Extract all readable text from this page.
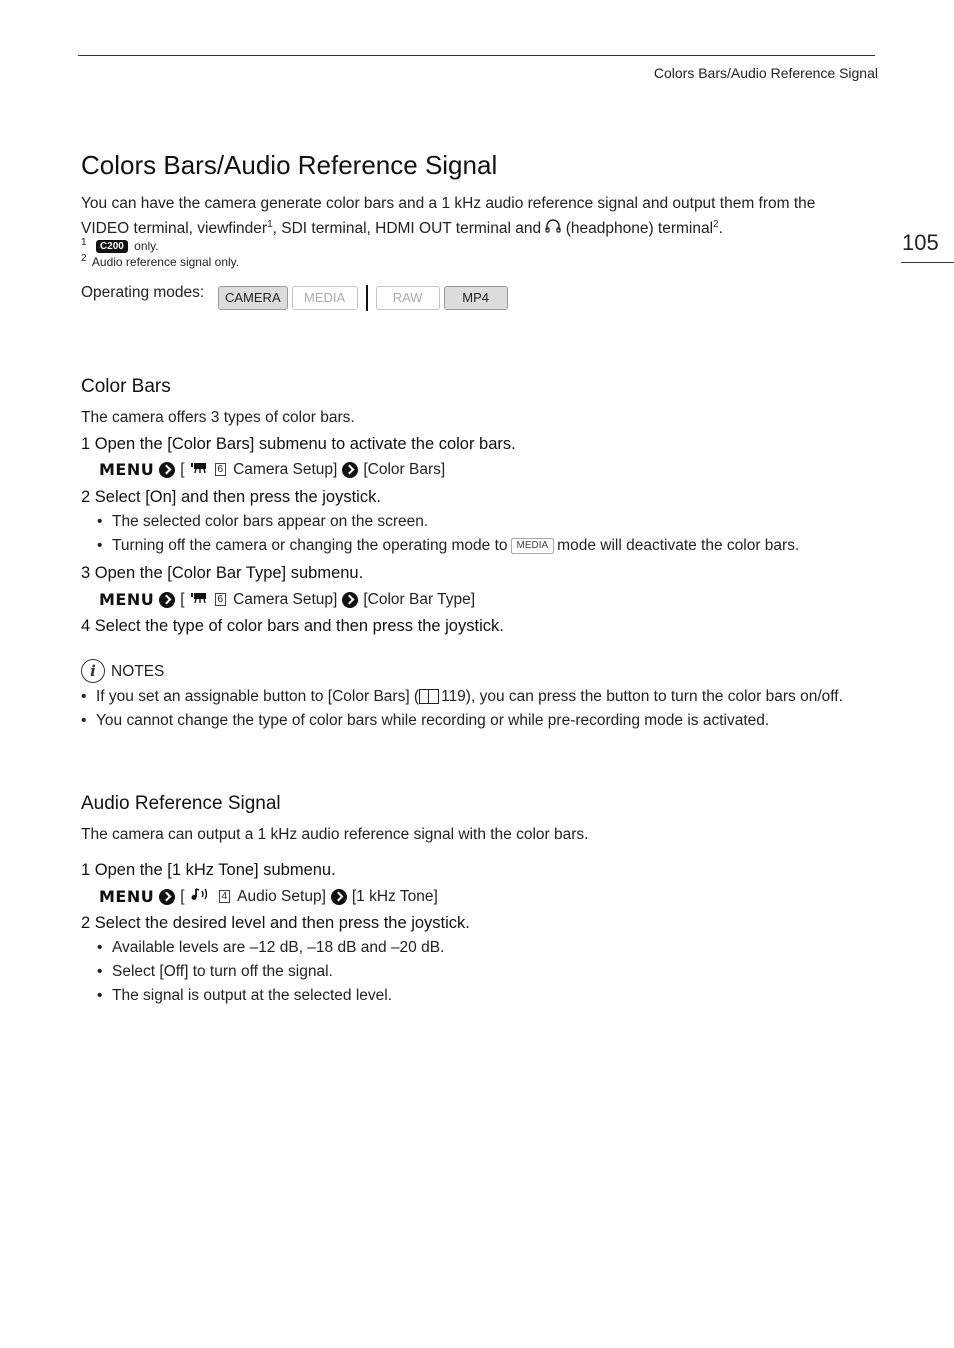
Colors Bars/Audio Reference Signal
105
Colors Bars/Audio Reference Signal
You can have the camera generate color bars and a 1 kHz audio reference signal and output them from the
VIDEO terminal, viewfinder$^1$, SDI terminal, HDMI OUT terminal and (headphone) terminal$^2$.
$^1$ C200 only.
$^2$ Audio reference signal only.
Operating modes:	CAMERA	MEDIA	RAW	MP4
Color Bars
The camera offers 3 types of color bars.
1 Open the [Color Bars] submenu to activate the color bars.
MENU [	6 Camera Setup] [Color Bars]
2 Select [On] and then press the joystick.
• The selected color bars appear on the screen.
• Turning off the camera or changing the operating mode to MEDIA mode will deactivate the color bars.
3 Open the [Color Bar Type] submenu.
MENU [	6 Camera Setup] [Color Bar Type]
4 Select the type of color bars and then press the joystick.
i NOTES
• If you set an assignable button to [Color Bars] ( 119), you can press the button to turn the color bars on/off.
• You cannot change the type of color bars while recording or while pre-recording mode is activated.
Audio Reference Signal
The camera can output a 1 kHz audio reference signal with the color bars.
1 Open the [1 kHz Tone] submenu.
MENU [	4 Audio Setup] [1 kHz Tone]
2 Select the desired level and then press the joystick.
• Available levels are –12 dB, –18 dB and –20 dB.
• Select [Off] to turn off the signal.
• The signal is output at the selected level.
